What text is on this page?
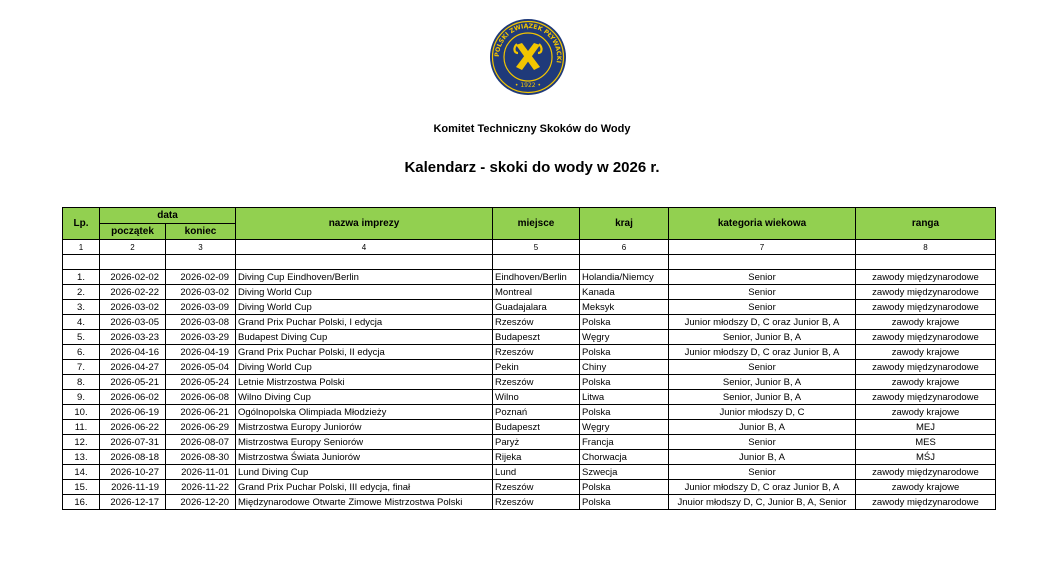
POLSKI ZWIĄZEK PŁYWACKI
• 1922 •
Komitet Techniczny Skoków do Wody
Kalendarz - skoki do wody w 2026 r.
Lp.	data		nazwa imprezy	miejsce	kraj	kategoria wiekowa	ranga
	początek	koniec					
1	2	3	4	5	6	7	8

1.	2026-02-02	2026-02-09	Diving Cup Eindhoven/Berlin	Eindhoven/Berlin	Holandia/Niemcy	Senior	zawody międzynarodowe
2.	2026-02-22	2026-03-02	Diving World Cup	Montreal	Kanada	Senior	zawody międzynarodowe
3.	2026-03-02	2026-03-09	Diving World Cup	Guadajalara	Meksyk	Senior	zawody międzynarodowe
4.	2026-03-05	2026-03-08	Grand Prix Puchar Polski, I edycja	Rzeszów	Polska	Junior młodszy D, C oraz Junior B, A	zawody krajowe
5.	2026-03-23	2026-03-29	Budapest Diving Cup	Budapeszt	Węgry	Senior, Junior B, A	zawody międzynarodowe
6.	2026-04-16	2026-04-19	Grand Prix Puchar Polski, II edycja	Rzeszów	Polska	Junior młodszy D, C oraz Junior B, A	zawody krajowe
7.	2026-04-27	2026-05-04	Diving World Cup	Pekin	Chiny	Senior	zawody międzynarodowe
8.	2026-05-21	2026-05-24	Letnie Mistrzostwa Polski	Rzeszów	Polska	Senior, Junior B, A	zawody krajowe
9.	2026-06-02	2026-06-08	Wilno Diving Cup	Wilno	Litwa	Senior, Junior B, A	zawody międzynarodowe
10.	2026-06-19	2026-06-21	Ogólnopolska Olimpiada Młodzieży	Poznań	Polska	Junior młodszy D, C	zawody krajowe
11.	2026-06-22	2026-06-29	Mistrzostwa Europy Juniorów	Budapeszt	Węgry	Junior B, A	MEJ
12.	2026-07-31	2026-08-07	Mistrzostwa Europy Seniorów	Paryż	Francja	Senior	MES
13.	2026-08-18	2026-08-30	Mistrzostwa Świata Juniorów	Rijeka	Chorwacja	Junior B, A	MŚJ
14.	2026-10-27	2026-11-01	Lund Diving Cup	Lund	Szwecja	Senior	zawody międzynarodowe
15.	2026-11-19	2026-11-22	Grand Prix Puchar Polski, III edycja, finał	Rzeszów	Polska	Junior młodszy D, C oraz Junior B, A	zawody krajowe
16.	2026-12-17	2026-12-20	Międzynarodowe Otwarte Zimowe Mistrzostwa Polski	Rzeszów	Polska	Jnuior młodszy D, C, Junior B, A, Senior	zawody międzynarodowe
